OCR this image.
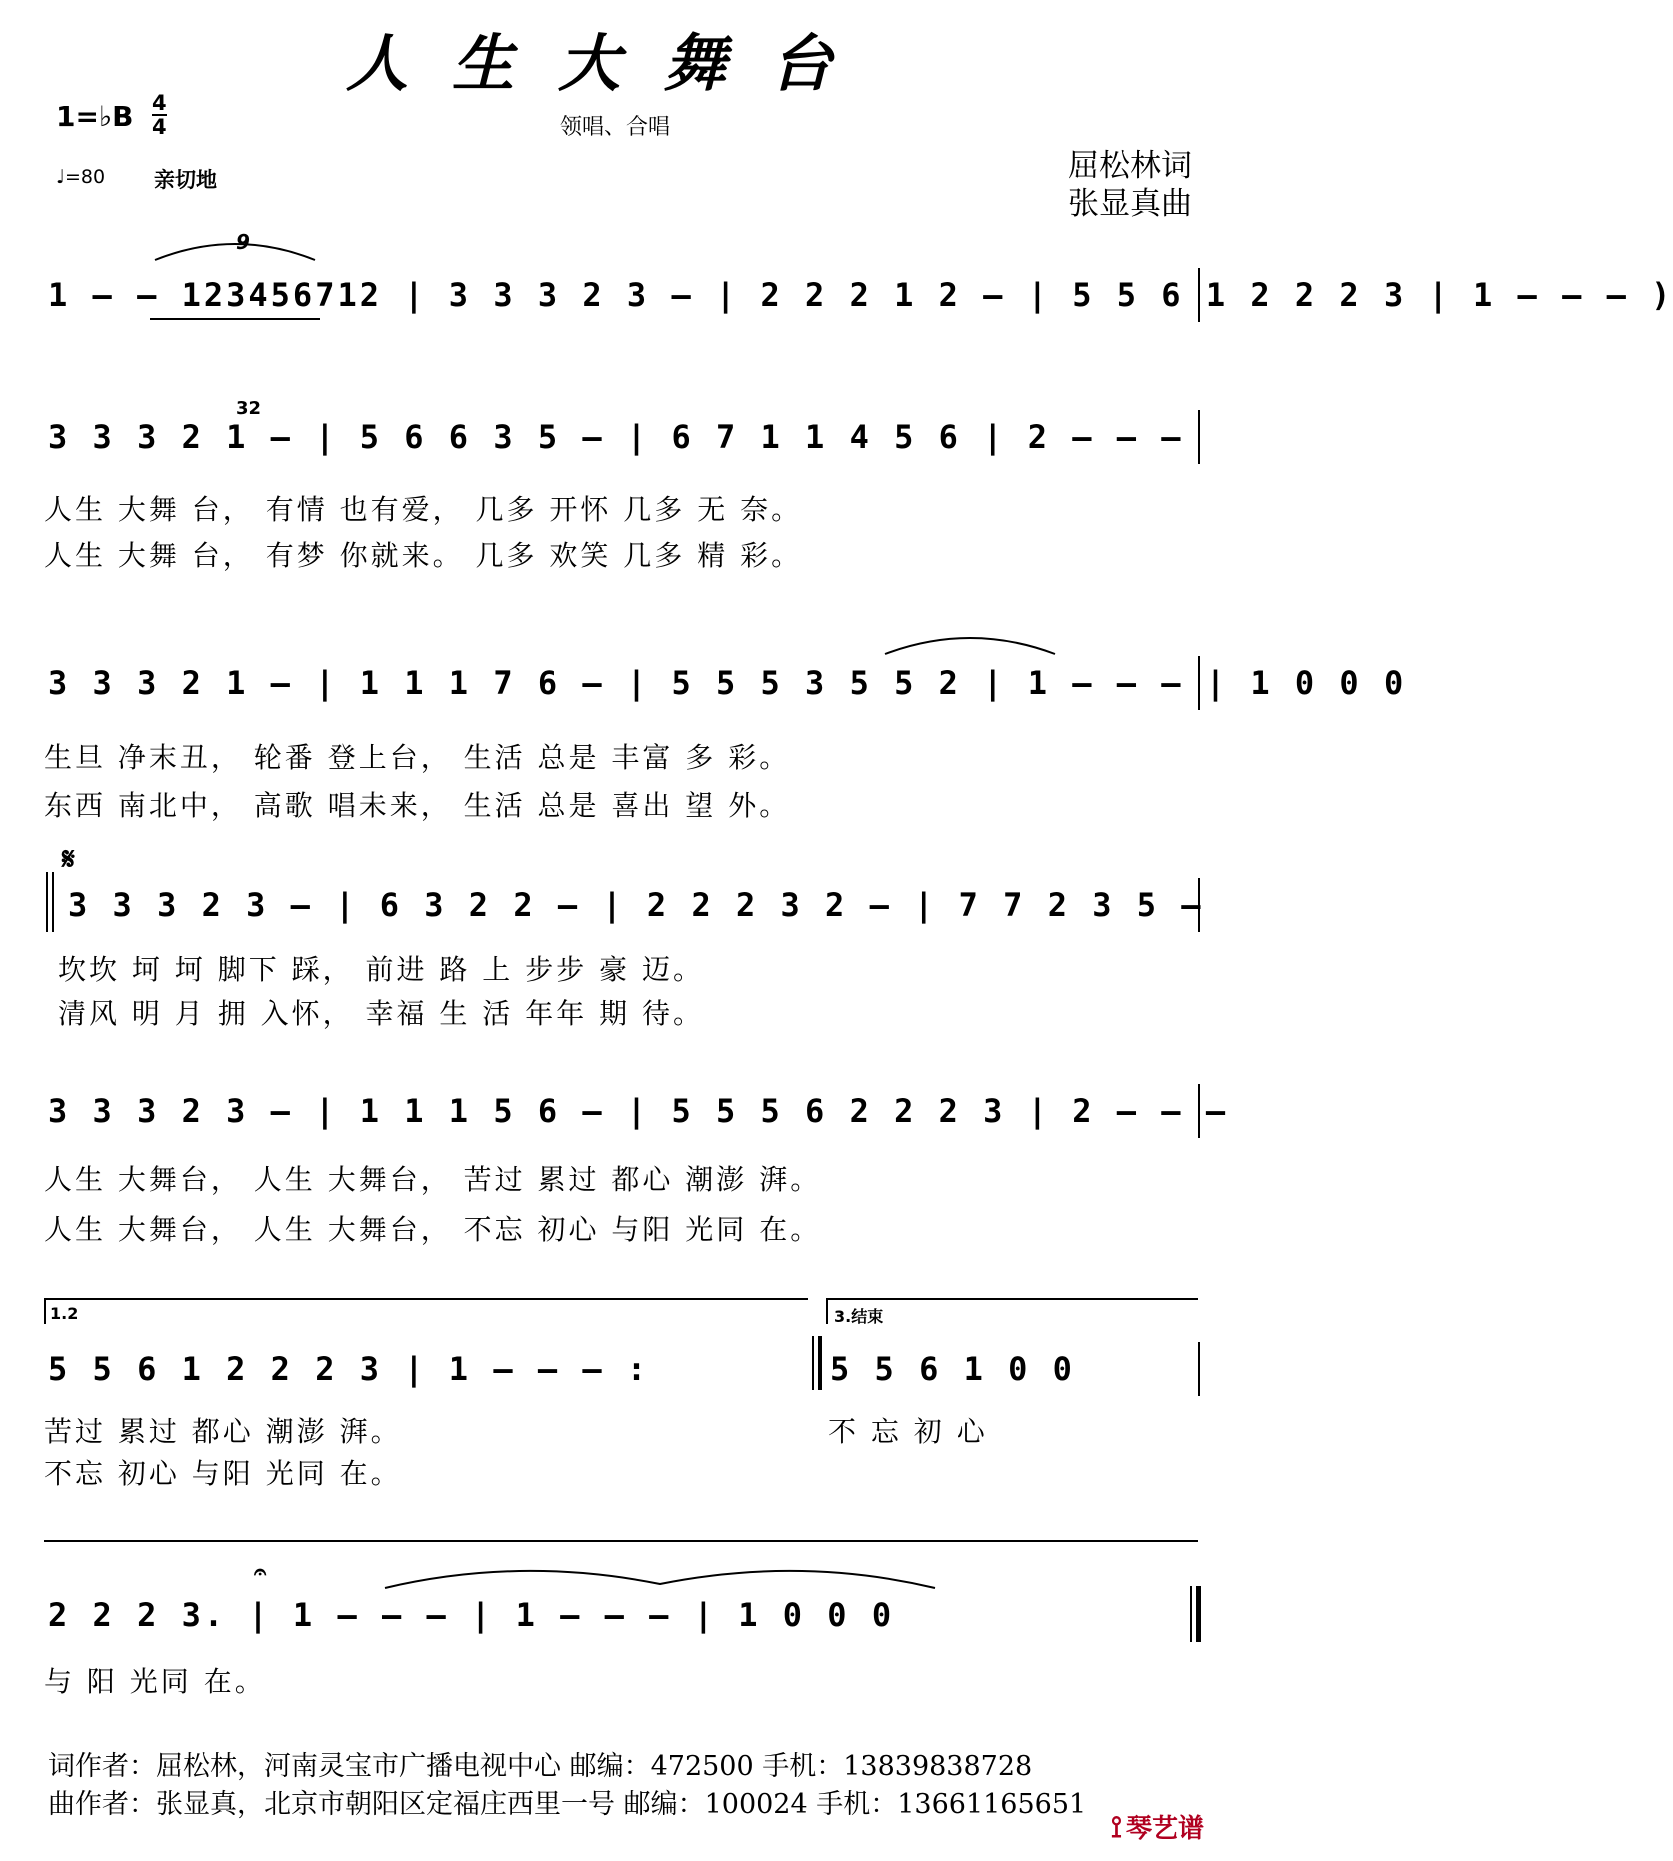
人生大舞台
1=♭B 4
4
♩=80 亲切地
领唱、合唱
屈松林词
张显真曲
9
1 – – 123456712 | 3 3 3 2 3 – | 2 2 2 1 2 – | 5 5 6 1 2 2 2 3 | 1 – – – )
32
3 3 3 2 1 – | 5 6 6 3 5 – | 6 7 1 1 4 5 6 | 2 – – –
人生 大舞 台， 有情 也有爱， 几多 开怀 几多 无 奈。
人生 大舞 台， 有梦 你就来。 几多 欢笑 几多 精 彩。
3 3 3 2 1 – | 1 1 1 7 6 – | 5 5 5 3 5 5 2 | 1 – – – | 1 0 0 0
生旦 净末丑， 轮番 登上台， 生活 总是 丰富 多 彩。
东西 南北中， 高歌 唱未来， 生活 总是 喜出 望 外。
𝄋
3 3 3 2 3 – | 6 3 2 2 – | 2 2 2 3 2 – | 7 7 2 3 5 –
坎坎 坷 坷 脚下 踩， 前进 路 上 步步 豪 迈。
清风 明 月 拥 入怀， 幸福 生 活 年年 期 待。
3 3 3 2 3 – | 1 1 1 5 6 – | 5 5 5 6 2 2 2 3 | 2 – – –
人生 大舞台， 人生 大舞台， 苦过 累过 都心 潮澎 湃。
人生 大舞台， 人生 大舞台， 不忘 初心 与阳 光同 在。
1.2	3.结束
5 5 6 1 2 2 2 3 | 1 – – – :	5 5 6 1 0 0
苦过 累过 都心 潮澎 湃。
不忘 初心 与阳 光同 在。
不 忘 初 心
𝄐
2 2 2 3. | 1 – – – | 1 – – – | 1 0 0 0
与 阳 光同 在。
词作者：屈松林，河南灵宝市广播电视中心 邮编：472500 手机：13839838728
曲作者：张显真，北京市朝阳区定福庄西里一号 邮编：100024 手机：13661165651
⟟ 琴艺谱
